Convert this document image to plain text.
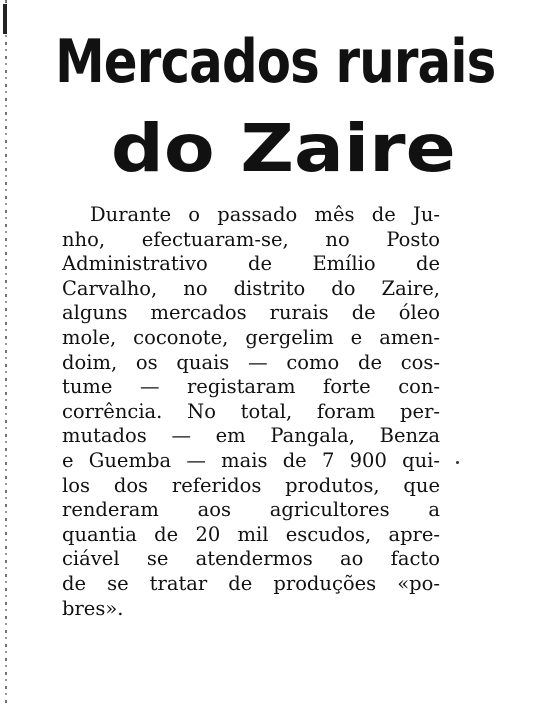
Mercados rurais
do Zaire
Durante o passado mês de Ju-
nho, efectuaram-se, no Posto
Administrativo de Emílio de
Carvalho, no distrito do Zaire,
alguns mercados rurais de óleo
mole, coconote, gergelim e amen-
doim, os quais — como de cos-
tume — registaram forte con-
corrência. No total, foram per-
mutados — em Pangala, Benza
e Guemba — mais de 7 900 qui-
los dos referidos produtos, que
renderam aos agricultores a
quantia de 20 mil escudos, apre-
ciável se atendermos ao facto
de se tratar de produções «po-
bres».
